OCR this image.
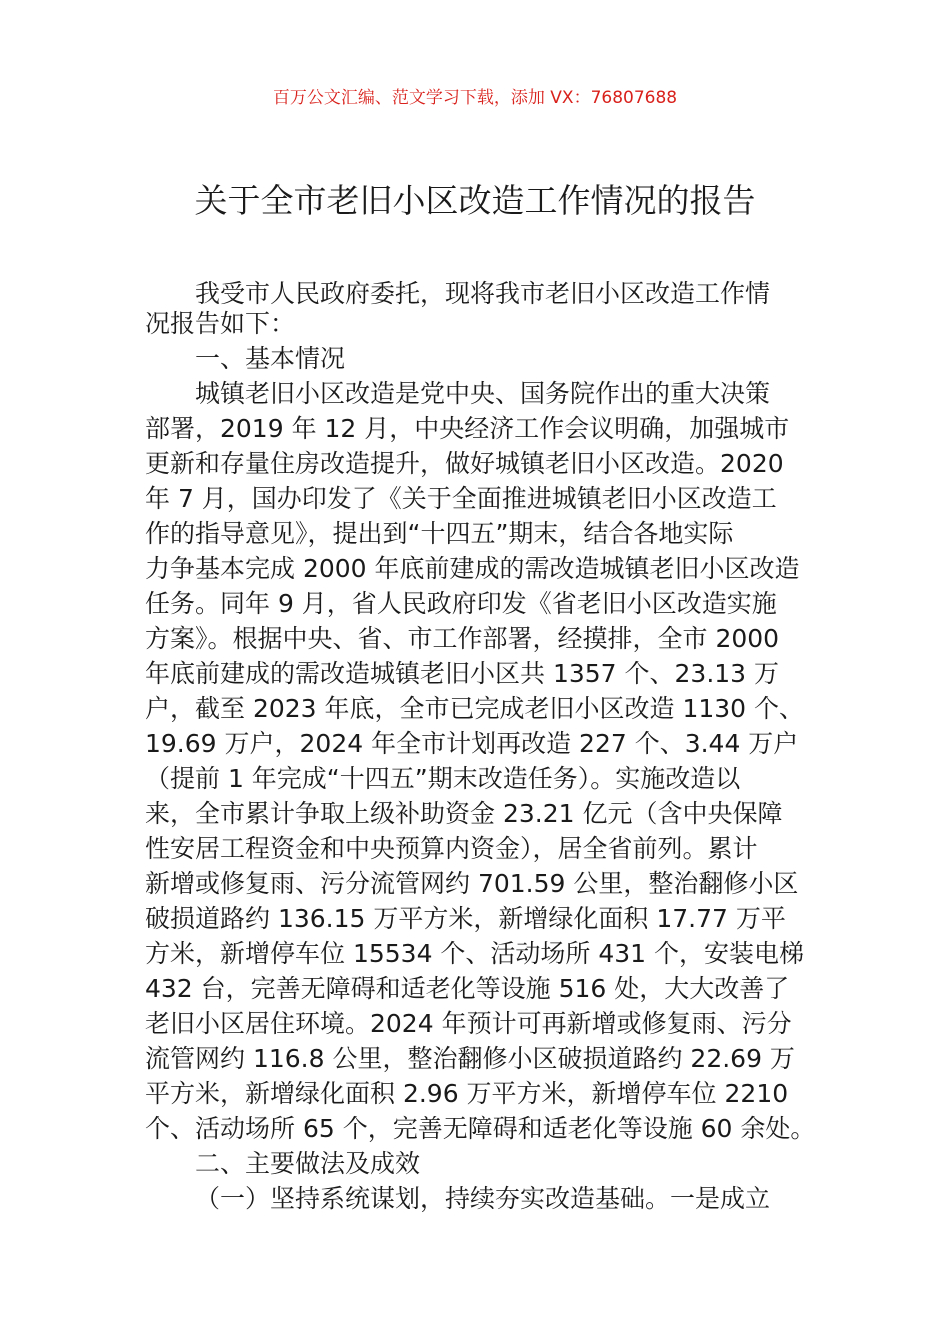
百万公文汇编、范文学习下载，添加 VX：76807688
关于全市老旧小区改造工作情况的报告
我受市人民政府委托，现将我市老旧小区改造工作情
况报告如下：
一、基本情况
城镇老旧小区改造是党中央、国务院作出的重大决策
部署，2019 年 12 月，中央经济工作会议明确，加强城市
更新和存量住房改造提升，做好城镇老旧小区改造。2020
年 7 月，国办印发了《关于全面推进城镇老旧小区改造工
作的指导意见》，提出到“十四五”期末，结合各地实际
力争基本完成 2000 年底前建成的需改造城镇老旧小区改造
任务。同年 9 月，省人民政府印发《省老旧小区改造实施
方案》。根据中央、省、市工作部署，经摸排，全市 2000
年底前建成的需改造城镇老旧小区共 1357 个、23.13 万
户，截至 2023 年底，全市已完成老旧小区改造 1130 个、
19.69 万户，2024 年全市计划再改造 227 个、3.44 万户
（提前 1 年完成“十四五”期末改造任务）。实施改造以
来，全市累计争取上级补助资金 23.21 亿元（含中央保障
性安居工程资金和中央预算内资金），居全省前列。累计
新增或修复雨、污分流管网约 701.59 公里，整治翻修小区
破损道路约 136.15 万平方米，新增绿化面积 17.77 万平
方米，新增停车位 15534 个、活动场所 431 个，安装电梯
432 台，完善无障碍和适老化等设施 516 处，大大改善了
老旧小区居住环境。2024 年预计可再新增或修复雨、污分
流管网约 116.8 公里，整治翻修小区破损道路约 22.69 万
平方米，新增绿化面积 2.96 万平方米，新增停车位 2210
个、活动场所 65 个，完善无障碍和适老化等设施 60 余处。
二、主要做法及成效
（一）坚持系统谋划，持续夯实改造基础。一是成立
